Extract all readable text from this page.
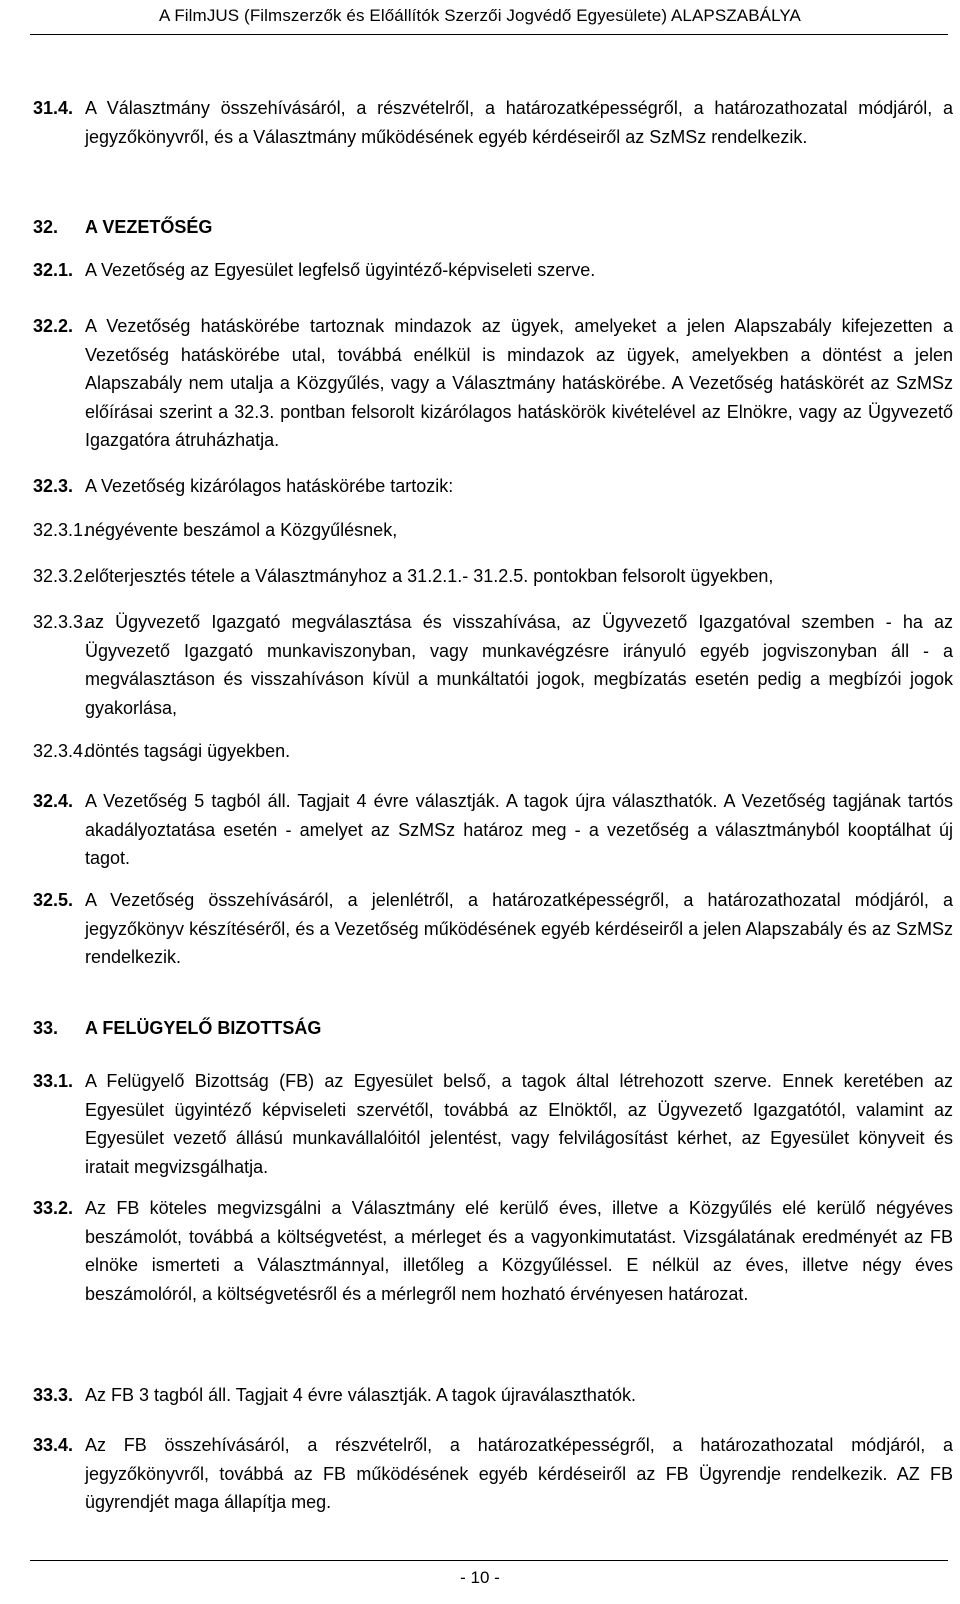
A FilmJUS (Filmszerzők és Előállítók Szerzői Jogvédő Egyesülete) ALAPSZABÁLYA
31.4. A Választmány összehívásáról, a részvételről, a határozatképességről, a határozathozatal módjáról, a jegyzőkönyvről, és a Választmány működésének egyéb kérdéseiről az SzMSz rendelkezik.
32.	A VEZETŐSÉG
32.1. A Vezetőség az Egyesület legfelső ügyintéző-képviseleti szerve.
32.2. A Vezetőség hatáskörébe tartoznak mindazok az ügyek, amelyeket a jelen Alapszabály kifejezetten a Vezetőség hatáskörébe utal, továbbá enélkül is mindazok az ügyek, amelyekben a döntést a jelen Alapszabály nem utalja a Közgyűlés, vagy a Választmány hatáskörébe. A Vezetőség hatáskörét az SzMSz előírásai szerint a 32.3. pontban felsorolt kizárólagos hatáskörök kivételével az Elnökre, vagy az Ügyvezető Igazgatóra átruházhatja.
32.3. A Vezetőség kizárólagos hatáskörébe tartozik:
32.3.1.
négyévente beszámol a Közgyűlésnek,
32.3.2.
előterjesztés tétele a Választmányhoz a 31.2.1.- 31.2.5. pontokban felsorolt ügyekben,
32.3.3.
az Ügyvezető Igazgató megválasztása és visszahívása, az Ügyvezető Igazgatóval szemben - ha az Ügyvezető Igazgató munkaviszonyban, vagy munkavégzésre irányuló egyéb jogviszonyban áll - a megválasztáson és visszahíváson kívül a munkáltatói jogok, megbízatás esetén pedig a megbízói jogok gyakorlása,
32.3.4.
döntés tagsági ügyekben.
32.4. A Vezetőség 5 tagból áll. Tagjait 4 évre választják. A tagok újra választhatók. A Vezetőség tagjának tartós akadályoztatása esetén - amelyet az SzMSz határoz meg - a vezetőség a választmányból kooptálhat új tagot.
32.5. A Vezetőség összehívásáról, a jelenlétről, a határozatképességről, a határozathozatal módjáról, a jegyzőkönyv készítéséről, és a Vezetőség működésének egyéb kérdéseiről a jelen Alapszabály és az SzMSz rendelkezik.
33.	A FELÜGYELŐ BIZOTTSÁG
33.1. A Felügyelő Bizottság (FB) az Egyesület belső, a tagok által létrehozott szerve. Ennek keretében az Egyesület ügyintéző képviseleti szervétől, továbbá az Elnöktől, az Ügyvezető Igazgatótól, valamint az Egyesület vezető állású munkavállalóitól jelentést, vagy felvilágosítást kérhet, az Egyesület könyveit és iratait megvizsgálhatja.
33.2. Az FB köteles megvizsgálni a Választmány elé kerülő éves, illetve a Közgyűlés elé kerülő négyéves beszámolót, továbbá a költségvetést, a mérleget és a vagyonkimutatást. Vizsgálatának eredményét az FB elnöke ismerteti a Választmánnyal, illetőleg a Közgyűléssel. E nélkül az éves, illetve négy éves beszámolóról, a költségvetésről és a mérlegről nem hozható érvényesen határozat.
33.3. Az FB 3 tagból áll. Tagjait 4 évre választják. A tagok újraválaszthatók.
33.4. Az FB összehívásáról, a részvételről, a határozatképességről, a határozathozatal módjáról, a jegyzőkönyvről, továbbá az FB működésének egyéb kérdéseiről az FB Ügyrendje rendelkezik. AZ FB ügyrendjét maga állapítja meg.
- 10 -
